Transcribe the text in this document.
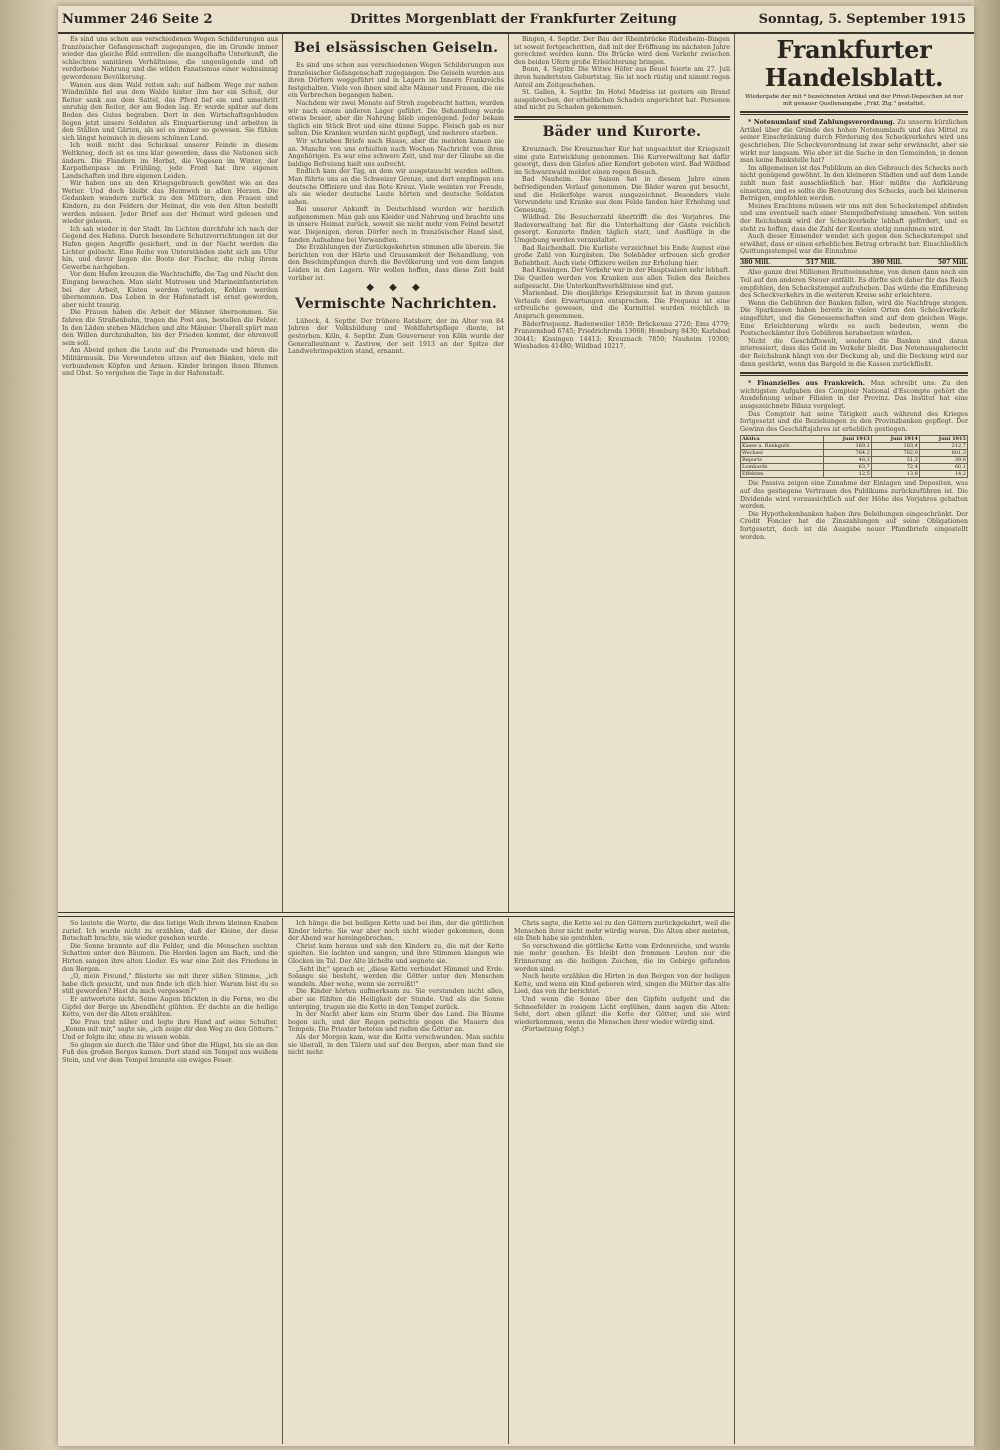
Nummer 246 Seite 2	Drittes Morgenblatt der Frankfurter Zeitung	Sonntag, 5. September 1915

Es sind uns schon aus verschiedenen Wegen Schilderungen aus französischer Gefangenschaft zugegangen, die im Grunde immer wieder das gleiche Bild entrollen: die mangelhafte Unterkunft, die schlechten sanitären Verhältnisse, die ungenügende und oft verdorbene Nahrung und die wilden Fanatismus einer wahnsinnig gewordenen Bevölkerung.

Wanen aus dem Wald reiten sah; auf halbem Wege zur nahen Windmühle fiel aus dem Walde hinter ihm her ein Schuß, der Reiter sank aus dem Sattel, das Pferd lief ein und umschritt unruhig den Reiter, der am Boden lag. Er wurde später auf dem Boden des Gutes begraben. Dort in den Wirtschaftsgebäuden liegen jetzt unsere Soldaten als Einquartierung und arbeiten in den Ställen und Gärten, als sei es immer so gewesen. Sie fühlen sich längst heimisch in diesem schönen Land.

Ich weiß nicht das Schicksal unserer Feinde in diesem Weltkrieg, doch ist es uns klar geworden, dass die Nationen sich ändern. Die Flandern im Herbst, die Vogesen im Winter, der Karpathenpass im Frühling, jede Front hat ihre eigenen Landschaften und ihre eigenen Leiden.

Wir haben uns an den Kriegsgebrauch gewöhnt wie an das Wetter. Und doch bleibt das Heimweh in allen Herzen. Die Gedanken wandern zurück zu den Müttern, den Frauen und Kindern, zu den Feldern der Heimat, die von den Alten bestellt werden müssen. Jeder Brief aus der Heimat wird gelesen und wieder gelesen.

Ich sah wieder in der Stadt. Im Lichten durchfuhr ich nach der Gegend des Hafens. Durch besondere Schutzvorrichtungen ist der Hafen gegen Angriffe gesichert, und in der Nacht werden die Lichter gelöscht. Eine Reihe von Unterständen zieht sich am Ufer hin, und davor liegen die Boote der Fischer, die ruhig ihrem Gewerbe nachgehen.

Vor dem Hafen kreuzen die Wachtschiffe, die Tag und Nacht den Eingang bewachen. Man sieht Matrosen und Marineinfanteristen bei der Arbeit, Kisten werden verladen, Kohlen werden übernommen. Das Leben in der Hafenstadt ist ernst geworden, aber nicht traurig.

Die Frauen haben die Arbeit der Männer übernommen. Sie fahren die Straßenbahn, tragen die Post aus, bestellen die Felder. In den Läden stehen Mädchen und alte Männer. Überall spürt man den Willen durchzuhalten, bis der Frieden kommt, der ehrenvoll sein soll.

Am Abend gehen die Leute auf die Promenade und hören die Militärmusik. Die Verwundeten sitzen auf den Bänken, viele mit verbundenen Köpfen und Armen. Kinder bringen ihnen Blumen und Obst. So vergehen die Tage in der Hafenstadt.

Bei elsässischen Geiseln.

Es sind uns schon aus verschiedenen Wegen Schilderungen aus französischer Gefangenschaft zugegangen. Die Geiseln wurden aus ihren Dörfern weggeführt und in Lagern im Innern Frankreichs festgehalten. Viele von ihnen sind alte Männer und Frauen, die nie ein Verbrechen begangen haben.

Nachdem wir zwei Monate auf Stroh zugebracht hatten, wurden wir nach einem anderen Lager geführt. Die Behandlung wurde etwas besser, aber die Nahrung blieb ungenügend. Jeder bekam täglich ein Stück Brot und eine dünne Suppe. Fleisch gab es nur selten. Die Kranken wurden nicht gepflegt, und mehrere starben.

Wir schrieben Briefe nach Hause, aber die meisten kamen nie an. Manche von uns erhielten nach Wochen Nachricht von ihren Angehörigen. Es war eine schwere Zeit, und nur der Glaube an die baldige Befreiung hielt uns aufrecht.

Endlich kam der Tag, an dem wir ausgetauscht werden sollten. Man führte uns an die Schweizer Grenze, und dort empfingen uns deutsche Offiziere und das Rote Kreuz. Viele weinten vor Freude, als sie wieder deutsche Laute hörten und deutsche Soldaten sahen.

Bei unserer Ankunft in Deutschland wurden wir herzlich aufgenommen. Man gab uns Kleider und Nahrung und brachte uns in unsere Heimat zurück, soweit sie nicht mehr vom Feind besetzt war. Diejenigen, deren Dörfer noch in französischer Hand sind, fanden Aufnahme bei Verwandten.

Die Erzählungen der Zurückgekehrten stimmen alle überein. Sie berichten von der Härte und Grausamkeit der Behandlung, von den Beschimpfungen durch die Bevölkerung und von dem langen Leiden in den Lagern. Wir wollen hoffen, dass diese Zeit bald vorüber ist.

◆ ◆ ◆
Vermischte Nachrichten.

Lübeck, 4. Septbr. Der frühere Ratsherr, der im Alter von 84 Jahren der Volksbildung und Wohlfahrtspflege diente, ist gestorben. Köln, 4. Septbr. Zum Gouverneur von Köln wurde der Generalleutnant v. Zastrow, der seit 1913 an der Spitze der Landwehrinspektion stand, ernannt.

Bingen, 4. Septbr. Der Bau der Rheinbrücke Rüdesheim–Bingen ist soweit fortgeschritten, daß mit der Eröffnung im nächsten Jahre gerechnet werden kann. Die Brücke wird dem Verkehr zwischen den beiden Ufern große Erleichterung bringen.

Bonn, 4. Septbr. Die Witwe Höfer aus Beuel feierte am 27. Juli ihren hundertsten Geburtstag. Sie ist noch rüstig und nimmt regen Anteil am Zeitgeschehen.

St. Gallen, 4. Septbr. Im Hotel Madrisa ist gestern ein Brand ausgebrochen, der erheblichen Schaden angerichtet hat. Personen sind nicht zu Schaden gekommen.

Bäder und Kurorte.

Kreuznach. Die Kreuznacher Kur hat ungeachtet der Kriegszeit eine gute Entwicklung genommen. Die Kurverwaltung hat dafür gesorgt, dass den Gästen aller Komfort geboten wird. Bad Wildbad im Schwarzwald meldet einen regen Besuch.

Bad Nauheim. Die Saison hat in diesem Jahre einen befriedigenden Verlauf genommen. Die Bäder waren gut besucht, und die Heilerfolge waren ausgezeichnet. Besonders viele Verwundete und Kranke aus dem Felde fanden hier Erholung und Genesung.

Wildbad. Die Besucherzahl übertrifft die des Vorjahres. Die Badeverwaltung hat für die Unterhaltung der Gäste reichlich gesorgt. Konzerte finden täglich statt, und Ausflüge in die Umgebung werden veranstaltet.

Bad Reichenhall. Die Kurliste verzeichnet bis Ende August eine große Zahl von Kurgästen. Die Solebäder erfreuen sich großer Beliebtheit. Auch viele Offiziere weilen zur Erholung hier.

Bad Kissingen. Der Verkehr war in der Hauptsaison sehr lebhaft. Die Quellen werden von Kranken aus allen Teilen des Reiches aufgesucht. Die Unterkunftsverhältnisse sind gut.

Marienbad. Die diesjährige Kriegskurzeit hat in ihrem ganzen Verlaufe den Erwartungen entsprochen. Die Frequenz ist eine erfreuliche gewesen, und die Kurmittel wurden reichlich in Anspruch genommen.

Bäderfrequenz. Badenweiler 1859; Brückenau 2720; Ems 4779; Franzensbad 6745; Friedrichroda 13068; Homburg 8430; Karlsbad 30441; Kissingen 14413; Kreuznach 7850; Nauheim 19300; Wiesbaden 41480; Wildbad 10217.

Frankfurter Handelsblatt.
Wiedergabe der mit * bezeichneten Artikel und der Privat-Depeschen ist nur mit genauer Quellenangabe „Frkf. Ztg." gestattet.

* Notenumlauf und Zahlungsverordnung. Zu unserm kürzlichen Artikel über die Gründe des hohen Notenumlaufs und das Mittel zu seiner Einschränkung durch Förderung des Scheckverkehrs wird uns geschrieben. Die Scheckverordnung ist zwar sehr erwünscht, aber sie wirkt nur langsam. Wie aber ist die Sache in den Gemeinden, in denen man keine Bankstelle hat?

Im allgemeinen ist das Publikum an den Gebrauch des Schecks noch nicht genügend gewöhnt. In den kleineren Städten und auf dem Lande zahlt man fast ausschließlich bar. Hier müßte die Aufklärung einsetzen, und es sollte die Benutzung des Schecks, auch bei kleineren Beträgen, empfohlen werden.

Meines Erachtens müssen wir uns mit den Scheckstempel abfinden und uns eventuell nach einer Stempelbefreiung umsehen. Von seiten der Reichsbank wird der Scheckverkehr lebhaft gefördert, und es steht zu hoffen, dass die Zahl der Konten stetig zunehmen wird.

Auch dieser Einsender wendet sich gegen den Scheckstempel und erwähnt, dass er einen erheblichen Betrag erbracht hat: Einschließlich Quittungsstempel war die Einnahme

380 Mill.	517 Mill.	390 Mill.	507 Mill.

Also ganze drei Millionen Bruttoeinnahme, von denen dann noch ein Teil auf den anderen Steuer entfällt. Es dürfte sich daher für das Reich empfehlen, den Scheckstempel aufzuheben. Das würde die Einführung des Scheckverkehrs in die weiteren Kreise sehr erleichtern.

Wenn die Gebühren der Banken fallen, wird die Nachfrage steigen. Die Sparkassen haben bereits in vielen Orten den Scheckverkehr eingeführt, und die Genossenschaften sind auf dem gleichen Wege. Eine Erleichterung würde es auch bedeuten, wenn die Postscheckämter ihre Gebühren herabsetzen würden.

Nicht die Geschäftswelt, sondern die Banken sind daran interessiert, dass das Geld im Verkehr bleibt. Das Notenausgaberecht der Reichsbank hängt von der Deckung ab, und die Deckung wird nur dann gestärkt, wenn das Bargeld in die Kassen zurückfließt.

* Finanzielles aus Frankreich. Man schreibt uns: Zu den wichtigsten Aufgaben des Comptoir National d'Escompte gehört die Ausdehnung seiner Filialen in der Provinz. Das Institut hat eine ausgezeichnete Bilanz vorgelegt.

Das Comptoir hat seine Tätigkeit auch während des Krieges fortgesetzt und die Beziehungen zu den Provinzbanken gepflegt. Der Gewinn des Geschäftsjahres ist erheblich gestiegen.

Aktiva	Juni 1913	Juni 1914	Juni 1915
Kasse u. Bankguth.	169,1	183,4	212,7
Wechsel	764,2	782,0	801,3
Reports	48,3	51,2	39,8
Lombards	63,7	72,4	60,1
Effekten	12,5	13,8	14,2

Die Passiva zeigen eine Zunahme der Einlagen und Depositen, was auf das gestiegene Vertrauen des Publikums zurückzuführen ist. Die Dividende wird voraussichtlich auf der Höhe des Vorjahres gehalten werden.

Die Hypothekenbanken haben ihre Beleihungen eingeschränkt. Der Crédit Foncier hat die Zinszahlungen auf seine Obligationen fortgesetzt, doch ist die Ausgabe neuer Pfandbriefe eingestellt worden.

So lautete die Worte, die das listige Weib ihrem kleinen Knaben zurief. Ich wurde nicht zu erzählen, daß der Kleine, der diese Botschaft brachte, nie wieder gesehen wurde.

Die Sonne brannte auf die Felder, und die Menschen suchten Schatten unter den Bäumen. Die Herden lagen am Bach, und die Hirten sangen ihre alten Lieder. Es war eine Zeit des Friedens in den Bergen.

„O, mein Freund," flüsterte sie mit ihrer süßen Stimme, „ich habe dich gesucht, und nun finde ich dich hier. Warum bist du so still geworden? Hast du mich vergessen?"

Er antwortete nicht. Seine Augen blickten in die Ferne, wo die Gipfel der Berge im Abendlicht glühten. Er dachte an die heilige Kette, von der die Alten erzählten.

Die Frau trat näher und legte ihre Hand auf seine Schulter. „Komm mit mir," sagte sie, „ich zeige dir den Weg zu den Göttern." Und er folgte ihr, ohne zu wissen wohin.

So gingen sie durch die Täler und über die Hügel, bis sie an den Fuß des großen Berges kamen. Dort stand ein Tempel aus weißem Stein, und vor dem Tempel brannte ein ewiges Feuer.

Ich hänge die bei heiligen Kette und bei ihm, der die göttlichen Kinder lehrte. Sie war aber noch nicht wieder gekommen, denn der Abend war hereingebrochen.

Christ kam heraus und sah den Kindern zu, die mit der Kette spielten. Sie lachten und sangen, und ihre Stimmen klangen wie Glocken im Tal. Der Alte lächelte und segnete sie.

„Seht ihr," sprach er, „diese Kette verbindet Himmel und Erde. Solange sie besteht, werden die Götter unter den Menschen wandeln. Aber wehe, wenn sie zerreißt!"

Die Kinder hörten aufmerksam zu. Sie verstanden nicht alles, aber sie fühlten die Heiligkeit der Stunde. Und als die Sonne unterging, trugen sie die Kette in den Tempel zurück.

In der Nacht aber kam ein Sturm über das Land. Die Bäume bogen sich, und der Regen peitschte gegen die Mauern des Tempels. Die Priester beteten und riefen die Götter an.

Als der Morgen kam, war die Kette verschwunden. Man suchte sie überall, in den Tälern und auf den Bergen, aber man fand sie nicht mehr.

Chris sagte, die Kette sei zu den Göttern zurückgekehrt, weil die Menschen ihrer nicht mehr würdig waren. Die Alten aber meinten, ein Dieb habe sie gestohlen.

So verschwand die göttliche Kette vom Erdenreiche, und wurde nie mehr gesehen. Es bleibt den frommen Leuten nur die Erinnerung an die heiligen Zeichen, die im Gebirge gefunden worden sind.

Noch heute erzählen die Hirten in den Bergen von der heiligen Kette, und wenn ein Kind geboren wird, singen die Mütter das alte Lied, das von ihr berichtet.

Und wenn die Sonne über den Gipfeln aufgeht und die Schneefelder in rosigem Licht erglühen, dann sagen die Alten: Seht, dort oben glänzt die Kette der Götter, und sie wird wiederkommen, wenn die Menschen ihrer wieder würdig sind.

(Fortsetzung folgt.)
